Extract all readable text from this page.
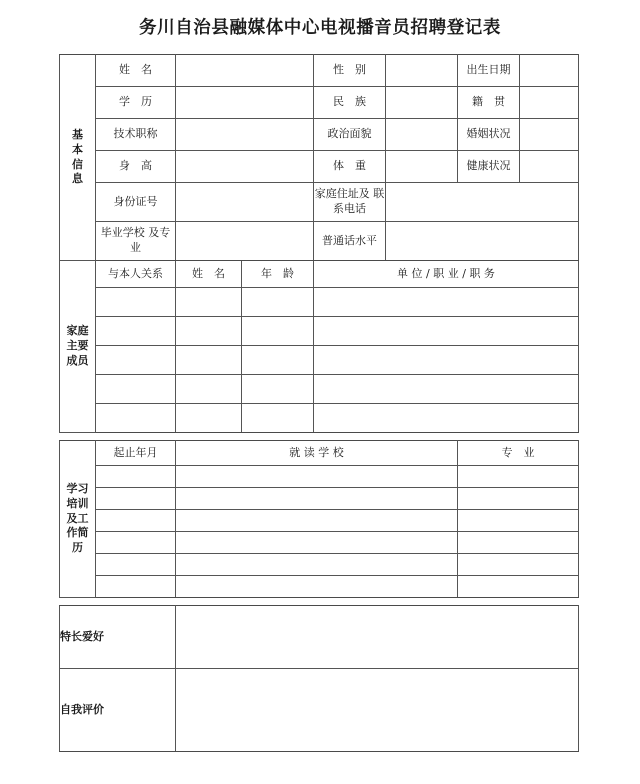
务川自治县融媒体中心电视播音员招聘登记表
基
本
信
息	姓　名			性　别		出生日期	
	学　历			民　族		籍　贯	
	技术职称			政治面貌		婚姻状况	
	身　高			体　重		健康状况	
	身份证号			家庭住址及 联系电话			
	毕业学校 及专业			普通话水平			

家庭
主要
成员	与本人关系	姓　名	年　龄	单 位 / 职 业 / 职 务			

学习
培训
及工
作简
历	起止年月	就 读 学 校				专　业	

特长爱好							
自我评价							
